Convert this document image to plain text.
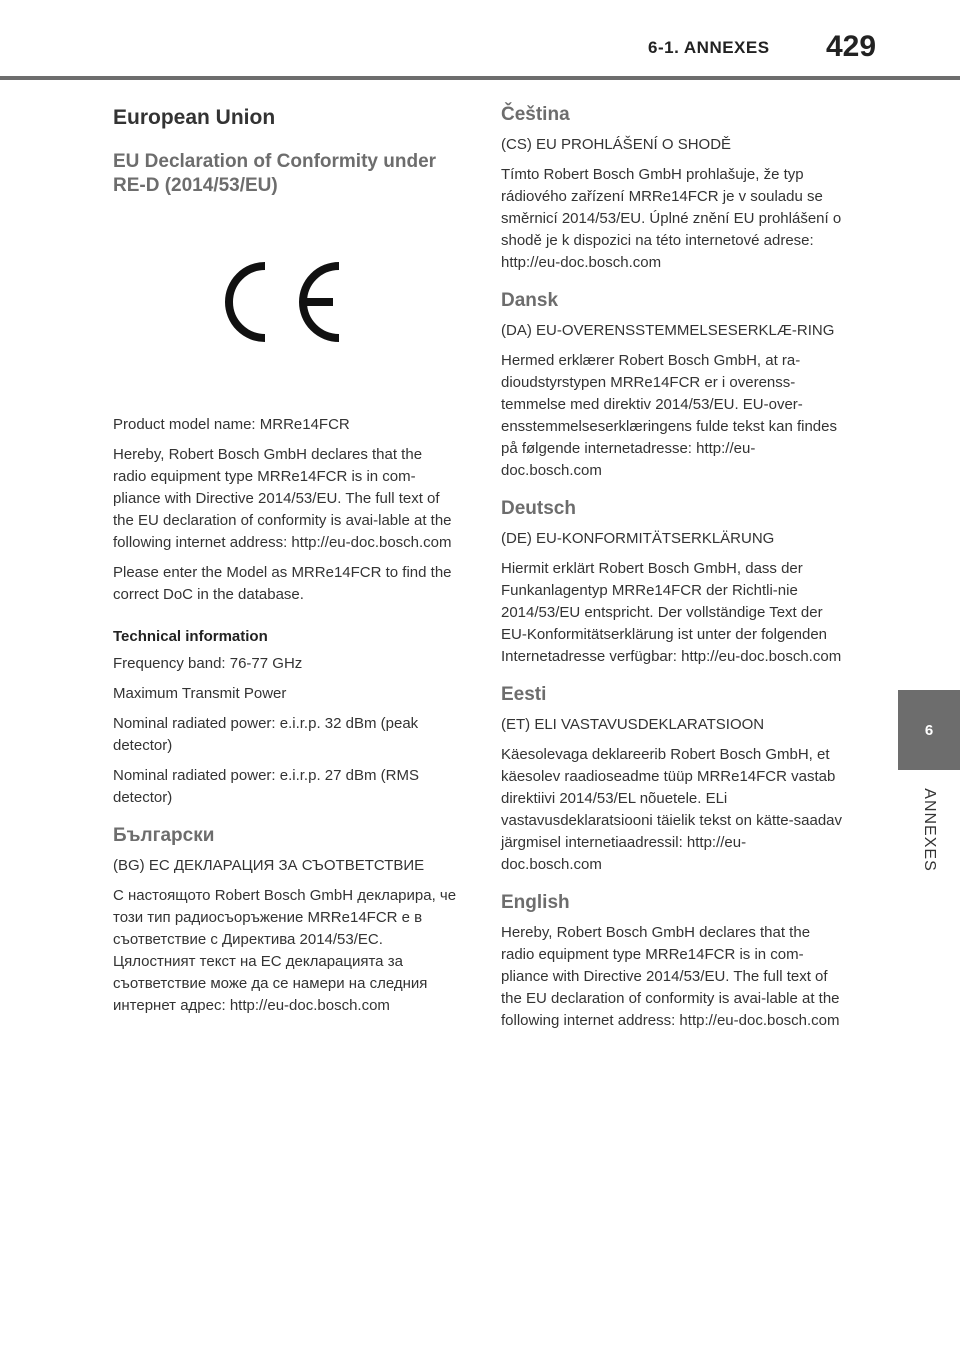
6-1. ANNEXES 429
6
ANNEXES
European Union
EU Declaration of Conformity under
RE-D (2014/53/EU)

Product model name: MRRe14FCR

Hereby, Robert Bosch GmbH declares that the radio equipment type MRRe14FCR is in com-pliance with Directive 2014/53/EU. The full text of the EU declaration of conformity is avai-lable at the following internet address: http://eu-doc.bosch.com

Please enter the Model as MRRe14FCR to find the correct DoC in the database.

Technical information

Frequency band: 76-77 GHz

Maximum Transmit Power

Nominal radiated power: e.i.r.p. 32 dBm (peak detector)

Nominal radiated power: e.i.r.p. 27 dBm (RMS detector)

Български

(BG) ЕС ДЕКЛАРАЦИЯ ЗА СЪОТВЕТСТВИЕ

С настоящото Robert Bosch GmbH декларира, че този тип радиосъоръжение MRRe14FCR е в съответствие с Директива 2014/53/ЕС. Цялостният текст на ЕС декларацията за съответствие може да се намери на следния интернет адрес: http://eu-doc.bosch.com

Čeština

(CS) EU PROHLÁŠENÍ O SHODĚ

Tímto Robert Bosch GmbH prohlašuje, že typ rádiového zařízení MRRe14FCR je v souladu se směrnicí 2014/53/EU. Úplné znění EU prohlášení o shodě je k dispozici na této internetové adrese: http://eu-doc.bosch.com

Dansk

(DA) EU-OVERENSSTEMMELSESERKLÆ-RING

Hermed erklærer Robert Bosch GmbH, at ra-dioudstyrstypen MRRe14FCR er i overenss-temmelse med direktiv 2014/53/EU. EU-over-ensstemmelseserklæringens fulde tekst kan findes på følgende internetadresse: http://eu-doc.bosch.com

Deutsch

(DE) EU-KONFORMITÄTSERKLÄRUNG

Hiermit erklärt Robert Bosch GmbH, dass der Funkanlagentyp MRRe14FCR der Richtli-nie 2014/53/EU entspricht. Der vollständige Text der EU-Konformitätserklärung ist unter der folgenden Internetadresse verfügbar: http://eu-doc.bosch.com

Eesti

(ET) ELI VASTAVUSDEKLARATSIOON

Käesolevaga deklareerib Robert Bosch GmbH, et käesolev raadioseadme tüüp MRRe14FCR vastab direktiivi 2014/53/EL nõuetele. ELi vastavusdeklaratsiooni täielik tekst on kätte-saadav järgmisel internetiaadressil: http://eu-doc.bosch.com

English

Hereby, Robert Bosch GmbH declares that the radio equipment type MRRe14FCR is in com-pliance with Directive 2014/53/EU. The full text of the EU declaration of conformity is avai-lable at the following internet address: http://eu-doc.bosch.com
